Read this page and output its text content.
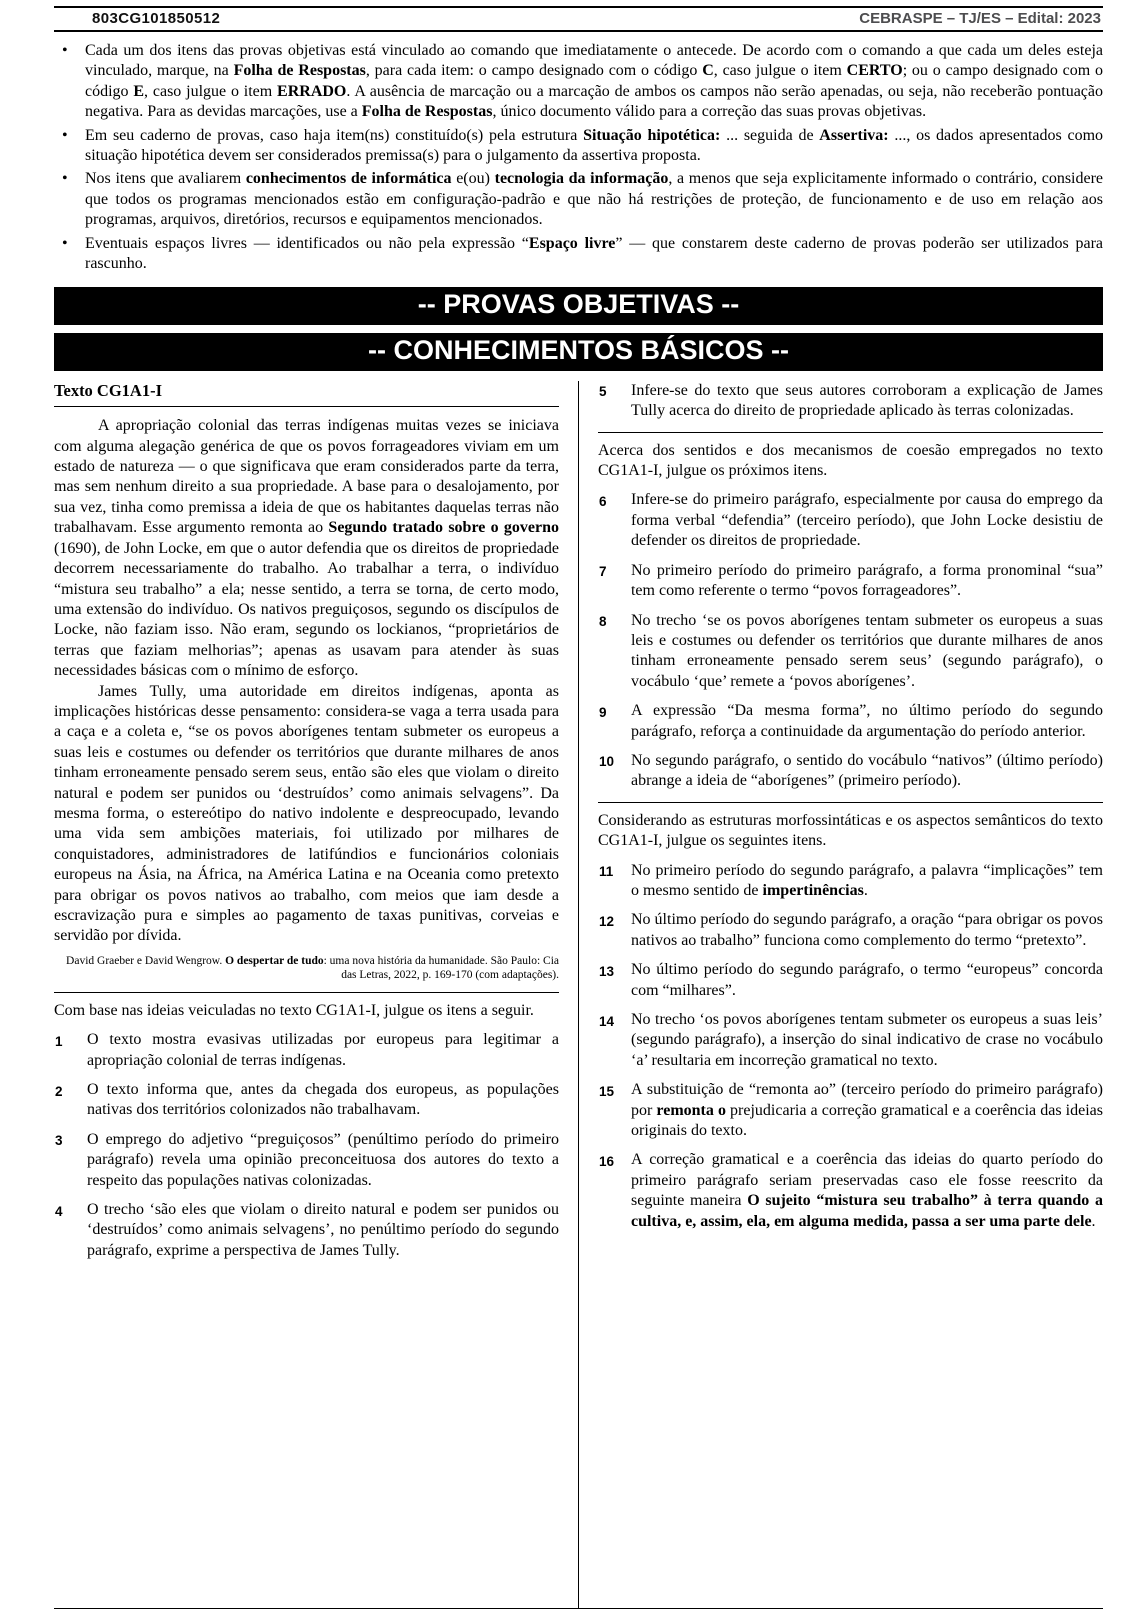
803CG101850512	CEBRASPE – TJ/ES – Edital: 2023
• Cada um dos itens das provas objetivas está vinculado ao comando que imediatamente o antecede. De acordo com o comando a que cada um deles esteja vinculado, marque, na Folha de Respostas, para cada item: o campo designado com o código C, caso julgue o item CERTO; ou o campo designado com o código E, caso julgue o item ERRADO. A ausência de marcação ou a marcação de ambos os campos não serão apenadas, ou seja, não receberão pontuação negativa. Para as devidas marcações, use a Folha de Respostas, único documento válido para a correção das suas provas objetivas.
• Em seu caderno de provas, caso haja item(ns) constituído(s) pela estrutura Situação hipotética: ... seguida de Assertiva: ..., os dados apresentados como situação hipotética devem ser considerados premissa(s) para o julgamento da assertiva proposta.
• Nos itens que avaliarem conhecimentos de informática e(ou) tecnologia da informação, a menos que seja explicitamente informado o contrário, considere que todos os programas mencionados estão em configuração-padrão e que não há restrições de proteção, de funcionamento e de uso em relação aos programas, arquivos, diretórios, recursos e equipamentos mencionados.
• Eventuais espaços livres — identificados ou não pela expressão “Espaço livre” — que constarem deste caderno de provas poderão ser utilizados para rascunho.
-- PROVAS OBJETIVAS --
-- CONHECIMENTOS BÁSICOS --
Texto CG1A1-I

A apropriação colonial das terras indígenas muitas vezes se iniciava com alguma alegação genérica de que os povos forrageadores viviam em um estado de natureza — o que significava que eram considerados parte da terra, mas sem nenhum direito a sua propriedade. A base para o desalojamento, por sua vez, tinha como premissa a ideia de que os habitantes daquelas terras não trabalhavam. Esse argumento remonta ao Segundo tratado sobre o governo (1690), de John Locke, em que o autor defendia que os direitos de propriedade decorrem necessariamente do trabalho. Ao trabalhar a terra, o indivíduo “mistura seu trabalho” a ela; nesse sentido, a terra se torna, de certo modo, uma extensão do indivíduo. Os nativos preguiçosos, segundo os discípulos de Locke, não faziam isso. Não eram, segundo os lockianos, “proprietários de terras que faziam melhorias”; apenas as usavam para atender às suas necessidades básicas com o mínimo de esforço.

James Tully, uma autoridade em direitos indígenas, aponta as implicações históricas desse pensamento: considera-se vaga a terra usada para a caça e a coleta e, “se os povos aborígenes tentam submeter os europeus a suas leis e costumes ou defender os territórios que durante milhares de anos tinham erroneamente pensado serem seus, então são eles que violam o direito natural e podem ser punidos ou ‘destruídos’ como animais selvagens”. Da mesma forma, o estereótipo do nativo indolente e despreocupado, levando uma vida sem ambições materiais, foi utilizado por milhares de conquistadores, administradores de latifúndios e funcionários coloniais europeus na Ásia, na África, na América Latina e na Oceania como pretexto para obrigar os povos nativos ao trabalho, com meios que iam desde a escravização pura e simples ao pagamento de taxas punitivas, corveias e servidão por dívida.

David Graeber e David Wengrow. O despertar de tudo: uma nova história da humanidade. São Paulo: Cia das Letras, 2022, p. 169-170 (com adaptações).

Com base nas ideias veiculadas no texto CG1A1-I, julgue os itens a seguir.

1 O texto mostra evasivas utilizadas por europeus para legitimar a apropriação colonial de terras indígenas.
2 O texto informa que, antes da chegada dos europeus, as populações nativas dos territórios colonizados não trabalhavam.
3 O emprego do adjetivo “preguiçosos” (penúltimo período do primeiro parágrafo) revela uma opinião preconceituosa dos autores do texto a respeito das populações nativas colonizadas.
4 O trecho ‘são eles que violam o direito natural e podem ser punidos ou ‘destruídos’ como animais selvagens’, no penúltimo período do segundo parágrafo, exprime a perspectiva de James Tully.
5 Infere-se do texto que seus autores corroboram a explicação de James Tully acerca do direito de propriedade aplicado às terras colonizadas.

Acerca dos sentidos e dos mecanismos de coesão empregados no texto CG1A1-I, julgue os próximos itens.

6 Infere-se do primeiro parágrafo, especialmente por causa do emprego da forma verbal “defendia” (terceiro período), que John Locke desistiu de defender os direitos de propriedade.
7 No primeiro período do primeiro parágrafo, a forma pronominal “sua” tem como referente o termo “povos forrageadores”.
8 No trecho ‘se os povos aborígenes tentam submeter os europeus a suas leis e costumes ou defender os territórios que durante milhares de anos tinham erroneamente pensado serem seus’ (segundo parágrafo), o vocábulo ‘que’ remete a ‘povos aborígenes’.
9 A expressão “Da mesma forma”, no último período do segundo parágrafo, reforça a continuidade da argumentação do período anterior.
10 No segundo parágrafo, o sentido do vocábulo “nativos” (último período) abrange a ideia de “aborígenes” (primeiro período).

Considerando as estruturas morfossintáticas e os aspectos semânticos do texto CG1A1-I, julgue os seguintes itens.

11 No primeiro período do segundo parágrafo, a palavra “implicações” tem o mesmo sentido de impertinências.
12 No último período do segundo parágrafo, a oração “para obrigar os povos nativos ao trabalho” funciona como complemento do termo “pretexto”.
13 No último período do segundo parágrafo, o termo “europeus” concorda com “milhares”.
14 No trecho ‘os povos aborígenes tentam submeter os europeus a suas leis’ (segundo parágrafo), a inserção do sinal indicativo de crase no vocábulo ‘a’ resultaria em incorreção gramatical no texto.
15 A substituição de “remonta ao” (terceiro período do primeiro parágrafo) por remonta o prejudicaria a correção gramatical e a coerência das ideias originais do texto.
16 A correção gramatical e a coerência das ideias do quarto período do primeiro parágrafo seriam preservadas caso ele fosse reescrito da seguinte maneira O sujeito “mistura seu trabalho” à terra quando a cultiva, e, assim, ela, em alguma medida, passa a ser uma parte dele.
